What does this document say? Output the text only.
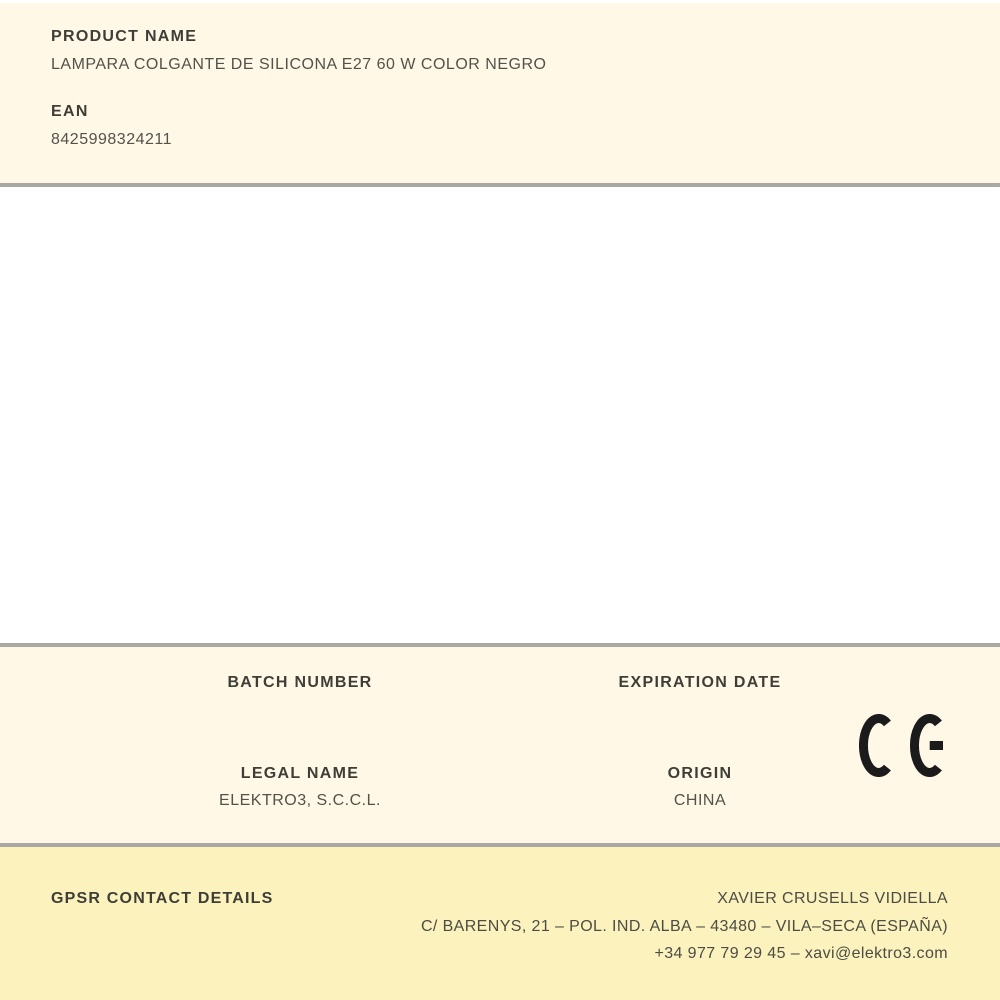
PRODUCT NAME
LAMPARA COLGANTE DE SILICONA E27 60 W COLOR NEGRO
EAN
8425998324211
BATCH NUMBER
LEGAL NAME
ELEKTRO3, S.C.C.L.
EXPIRATION DATE
ORIGIN
CHINA
GPSR CONTACT DETAILS	XAVIER CRUSELLS VIDIELLA
C/ BARENYS, 21 – POL. IND. ALBA – 43480 – VILA–SECA (ESPAÑA)
+34 977 79 29 45 – xavi@elektro3.com
